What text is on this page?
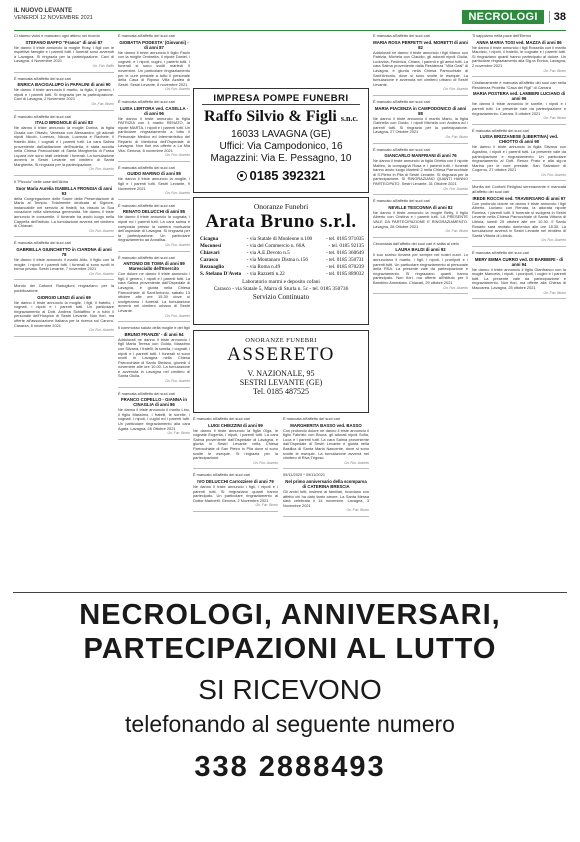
IL NUOVO LEVANTE
VENERDÌ 12 NOVEMBRE 2021	NECROLOGI	38
Ci stanno vicini e mancano ogni attimo nel ricordo
STEFANO BAFFO "Franco" di anni 87
Ne danno il triste annuncio la moglie Rosy, i figli con le rispettive famiglie e i parenti tutti. I funerali sono avvenuti a Lavagna. Si ringrazia per la partecipazione. Cavi di Lavagna, 4 Novembre 2021
On. Fun. Baffo
È mancata all'affetto dei suoi cari
ENRICA BACIGALUPO in PAPALINI di anni 90
Ne danno il triste annuncio il marito, la figlia, il genero, i nipoti e i parenti tutti. Si ringrazia per la partecipazione. Cavi di Lavagna, 2 Novembre 2021
On. Fun. Bruno
È mancato all'affetto dei suoi cari
ITALO BRIGNOLE di anni 83
Ne danno il triste annuncio la moglie Dorina, la figlia Grazia con Ottavio, Vanessa con Alessandro, gli adorati nipoti Nicolò, Lorenzo, Nicola, Lucrezia e Rachele, il fratello Aldo, i cognati e i parenti tutti. La cara Salma proveniente dall'abitazione dell'Isoletta, è stata accolta nella Chiesa Parrocchiale di Santa Margherita di Fossa Lupara ove sono stati celebrati i funerali. La tumulazione avverrà in Sestri Levante nel cimitero di Santa Margherita. Si ringrazia per la partecipazione.
On. Fun. Asserto
Il "Piccolo" delle case dell'Abba
Suor Maria Aurelia ISABELLA FRONGIA di anni 93
della Congregazione delle Suore della Presentazione di Maria al Tempio. Totalmente dedicata al Signore, instancabile nel servizio ai fratelli, ha vissuto la Sua vocazione nella silenziosa generosità. Ne danno il triste annuncio le consorelle. Il funerale ha avuto luogo nella Cappella dell'Istituto. La tumulazione avverrà nel cimitero di Chiavari.
On. Fun. Asserto
È mancata all'affetto dei suoi cari
GABRIELLA GIUNCHETTO in CIARDNA di anni 78
Ne danno il triste annuncio il marito Aldo, il figlio con la moglie, i nipoti e i parenti tutti. I funerali si sono svolti in forma privata. Sestri Levante, 7 novembre 2021
On. Fun. Asserto
Mondo dei Cafonni Raduglioni ringraziano per la pubblicazione
GIORGIO LENZI di anni 69
Ne danno il triste annuncio la moglie, i figli, il fratello, i cognati, i nipoti e i parenti tutti. Un particolare ringraziamento al Dott. Andrea Schiaffino e a tutto il personale dell'Hospice di Sestri Levante. Non fiori, ma offerte all'associazione Italiana per la ricerca sul Cancro. Casarza, 8 novembre 2021
On. Fun. Asserto
È mancata all'affetto dei suoi cari
GIOBATTA PODESTA' (Giovanni) - di anni 87
Ne danno il triste annuncio il figlio Paolo con la moglie Ombretta, il nipote Daniel, i cognati, e i nipoti, cugini, i parenti tutti. I funerali si sono svolti martedì 9 novembre. Un particolare ringraziamento per le cure prestate a tutto il personale della Casa di Riposo Villa Azalea di Sestri. Sestri Levante, 8 novembre 2021
On. Fun. Asserto
È mancata all'affetto dei suoi cari
LUISA LERTORA ved. CASELLA - di anni 96
Ne danno il triste annuncio la figlia PATRIZIA con il marito RENATO, la nipote MARTA, i nipoti e i parenti tutti. Un particolare ringraziamento a tutto il Personale Medico ed Infermieristico del Reparto di Medicina dell'Ospedale di Lavagna. Non fiori ma offerte a La Mia Vita. Genova, 8 novembre 2021
On. Fun. Asserto
È mancata all'affetto dei suoi cari
GUIDO MARINO di anni 85
Ne danno il triste annuncio la moglie, i figli e i parenti tutti. Sestri Levante, 9 Novembre 2021
On. Fun. Asserto
È mancato all'affetto dei suoi cari
RENATO DELUCCHI di anni 85
Ne danno il triste annuncio la cognata, i nipoti ed i parenti tutti. La cara salma è composta presso la camera mortuaria dell'ospedale di Lavagna. Si ringrazia per la partecipazione. Un particolare ringraziamento ad Annalisa.
On. Fun. Asserto
È mancato all'affetto dei suoi cari
ANTONIO DE TOMA di anni 89 Maresciallo dell'Esercito
Con dolore ne danno il triste annuncio i figli, il genero, i nipoti e i parenti tutti. La cara Salma proveniente dall'Ospedale di Lavagna, è giunta nella Chiesa Parrocchiale di Sant'Antonio, sabato 13 ottobre alle ore 15.30 dove si svolgeranno i funerali. La tumulazione avverrà nel cimitero urbano di Sestri Levante.
On. Fun. Asserto
Il commosso saluto della moglie e dei figli
BRUNO FRANZE' - di anni 94
Addolorati ne danno il triste annuncio i figli Maria Teresa con Guido, Massimo con Silvana, i fratelli, la sorella, i cognati, i nipoti e i parenti tutti. I funerali si sono svolti in Lavagna nella Chiesa Parrocchiale di Santo Stefano, giovedì 4 novembre alle ore 10.00. La tumulazione è avvenuta in Lavagna nel cimitero di Santa Giulia.
On. Fun. Asserto
È mancata all'affetto dei suoi cari
FRANCO COPELLO - GIANNA in CINAGLIA di anni 86
Ne danno il triste annuncio il marito Lino, il figlio Massimo, i fratelli, le sorelle, i cognati, i nipoti, i cugini ed i parenti tutti. Un particolare ringraziamento alla cara Agata. Lavagna, 28 Ottobre 2021
On. Fun. Bruno
È mancato all'affetto dei suoi cari
LUIGI CHIEZZINI di anni 99
Ne danno il triste annuncio la figlia Olga, le cognate Eugenia, i nipoti, i parenti tutti. La cara Salma proveniente dall'Ospedale di Lavagna, è giunta in Sestri Levante nella Chiesa Parrocchiale di San Pietro in Pila dove si sono svolte le esequie. Si ringrazia per la partecipazione.
On. Fun. Asserto
È mancato all'affetto dei suoi cari
IVO DELUCCHI Carrozziere di anni 79
Ne danno il triste annuncio i figli, i nipoti e i parenti tutti. Si ringraziano quanti hanno partecipato. Un particolare ringraziamento al Dottor Marinetti. Genova, 2 Novembre 2021
On. Fun. Bruno
È mancata all'affetto dei suoi cari
MARGHERITA BASSO ved. BASSO
Con profondo dolore ne danno il triste annuncio il figlio Fabrizio con Bruna, gli adorati nipoti Sofia, Luca e i parenti tutti. La cara Salma proveniente dall'Ospedale di Sestri Levante è giunta nella Basilica di Santa Maria Nascente, dove si sono svolte le esequie. La tumulazione avverrà nel cimitero di Riva Trigoso.
On. Fun. Asserto
09/11/2020 * 09/11/2021
Nel primo anniversario della scomparsa di CATERINA BRESCIA
Gli amici tutti, insieme ai familiari, ricordano con affetto chi ha dato tanto amore. La Santa Messa sarà celebrata il 14 novembre. Lavagna, 3 Novembre 2021
On. Fun. Bruno
È mancata all'affetto dei suoi cari
MARIA ROSA PERFETTI ved. MORETTI di anni 82
Addolorati ne danno il triste annuncio i figli Marco con Patrizia, Michela con Claudio, gli adorati nipoti Giulia, Ludovica, Federica, Chiara, i parenti e gli amici tutti. La cara Salma proveniente dalla Residenza "Villa Oasi" di Lavagna, è giunta nella Chiesa Parrocchiale di Sant'Antonio, dove si sono svolte le esequie. La tumulazione è avvenuta nel cimitero urbano di Sestri Levante.
On. Fun. Asserto
È mancato all'affetto dei suoi cari
MARIA PIACENZA in CAMPODONICO di anni 88
Ne danno il triste annuncio il marito Mario, la figlia Gabriella con Guido, i nipoti Michela con Andrea ed i parenti tutti. Si ringrazia per la partecipazione. Lavagna, 27 Ottobre 2021
On. Fun. Bruno
È mancato all'affetto dei suoi cari
GIANCARLO MANFRIANI di anni 76
Ne danno il triste annuncio la figlia Orietta con il nipote Matteo, la compagna Rosa e i parenti tutti. I funerali hanno avuto luogo Martedì 2 nella Chiesa Parrocchiale di S.Pietro in Pila di Sestri Levante. Si ringrazia per la partecipazione. SI RINGRAZIANO QUANTI HANNO PARTECIPATO. Sestri Levante, 31 Ottobre 2021
On. Fun. Asserto
È mancato all'affetto dei suoi cari
NEVILLE TESCONNA di anni 82
Ne danno il triste annuncio la moglie Betty, il figlio Alberto con Cristina e i parenti tutti. LA PRESENTE VALE DA PARTECIPAZIONE E RINGRAZIAMENTO. Lavagna, 28 Ottobre 2021
On. Fun. Bruno
Circondata dall'affetto dei suoi cari è salita al cielo
LAURA BALDI di anni 92
Il suo sorriso rimarrà per sempre nei nostri cuori. Lo annunciano il marito, i figli, i nipoti, i pronipoti e i parenti tutti. Un particolare ringraziamento al personale della RSA. La presente vale da partecipazione e ringraziamento. Si ringraziano quanti hanno partecipato. Non fiori, ma offerte all'Istituto per il Bambino Ammalato. Chiavari, 29 ottobre 2021
On. Fun. Asserto
Ti sappiamo nella pace dell'Eterno
ANNA MARIA TOSI ved. MAZZA di anni 86
Ne danno il triste annuncio i figli Rossella con il marito Maurizio, i nipoti, il fratello, le cognate e i parenti tutti. Si ringraziano quanti hanno partecipato al dolore. Un particolare ringraziamento alla Sig.ra Enrica. Lavagna, 2 novembre 2021
On. Fun. Bruno
Cristianamente è mancata all'affetto dei suoi cari nella Residenza Protetta "Casa del Figli" di Carrara
MARIA POSTERA ved. LAMBERI LUCIANO di anni 96
Ne danno il triste annuncio le sorelle, i nipoti e i parenti tutti. La presente vale da partecipazione e ringraziamento. Carrara, 5 ottobre 2021
On. Fun. Bruno
È mancata all'affetto dei suoi cari
LUISA BRIZZANESE (LIBERTINA) ved. CHIOTTO di anni 90
Ne danno il triste annuncio la figlia Silvana con Agostino, i nipoti e i parenti tutti. La presente vale da partecipazione e ringraziamento. Un particolare ringraziamento al Dott. Renzo Prato e alla sig.ra Marina per le cure prestate. San Salvatore di Cogorno, 27 ottobre 2021
On. Fun. Asserto
Munita dei Conforti Religiosi serenamente è mancata all'affetto dei suoi cari
IREDE ROCCHI ved. TRAVERSARO di anni 97
Con profondo dolore ne danno il triste annuncio i figli Alberto, Luciano con Renata, la adorata nipote Romina, i parenti tutti. Il funerale si svolgerà in Sestri Levante nella Chiesa Parrocchiale di Santa Vittoria di Libiola, lunedì 25 ottobre alle ore 10.30. Il Santo Rosario sarà recitato domenica alle ore 18.30. La tumulazione avverrà in Sestri Levante nel cimitero di Santa Vittoria di Libiola.
On. Fun. Asserto
È mancata all'affetto dei suoi cari
MERY EMMA CURRO ved. DI BARBIERI - di anni 94
Ne danno il triste annuncio il figlio Gianfranco con la moglie Manuela, i nipoti, i pronipoti, i cugini e i parenti tutti. La presente vale da partecipazione e ringraziamento. Non fiori, ma offerte alla Chiesa di Maccarea. Lavagna, 25 ottobre 2021
On. Fun. Bruno
IMPRESA POMPE FUNEBRI
Raffo Silvio & Figli s.n.c.
16033 LAVAGNA (GE)
Uffici: Via Campodonico, 16
Magazzini: Via E. Pessagno, 10
0185 392321
Onoranze Funebri
Arata Bruno s.r.l.
Cicagna	- via Statale di Monleone n.100	- tel. 0185 971035
Moconesi	- via del Commercio n. 66A	- tel. 0185 92135
Chiavari	- via A.E.Devoto n.5	- tel. 0185 360649
Carasco	- via Montanaro Disma n.156	- tel. 0185 350731
Rezzoaglio	- via Roma n.49	- tel. 0185 870239
S. Stefano D'Aveto	- via Razzetti n.22	- tel. 0185 889032
Laboratorio marmi e deposito cofani
Carasco - via Statale 5, Marra di Sturla n. 5c - tel. 0185 350736
Servizio Continuato
ONORANZE FUNEBRI
ASSERETO
V. NAZIONALE, 95
SESTRI LEVANTE (GE)
Tel. 0185 487525
NECROLOGI, ANNIVERSARI,
PARTECIPAZIONI AL LUTTO
SI RICEVONO
telefonando al seguente numero
338 2888493
